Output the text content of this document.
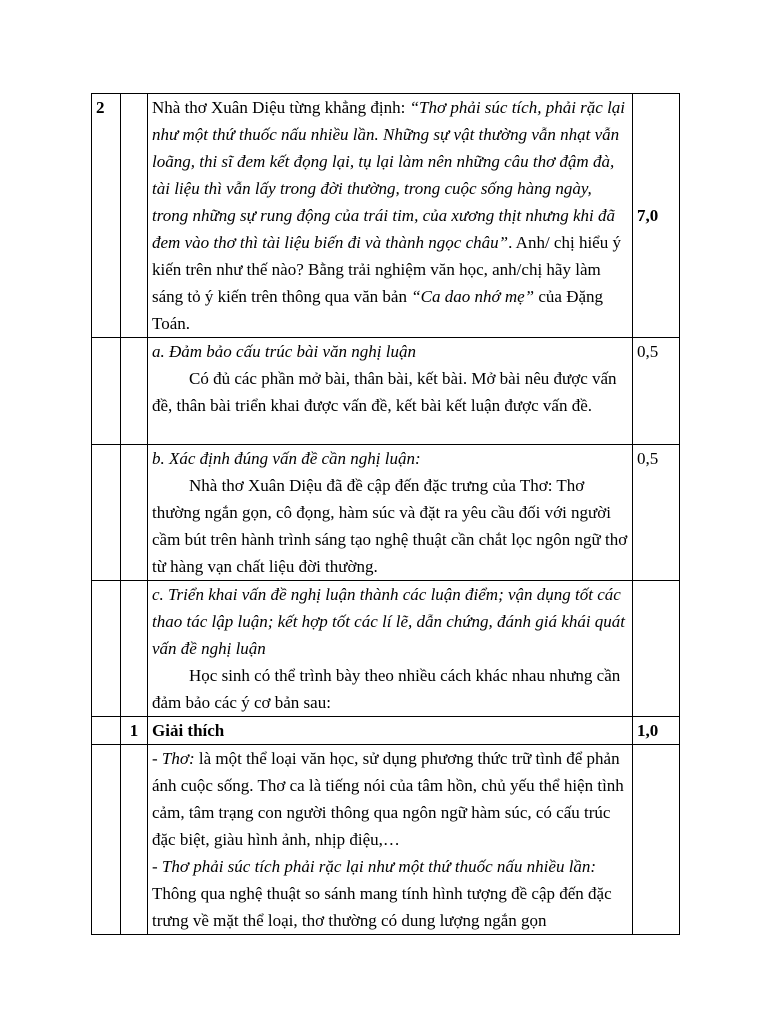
2		Nhà thơ Xuân Diệu từng khẳng định: “Thơ phải súc tích, phải rặc lại như một thứ thuốc nấu nhiều lần. Những sự vật thường vẫn nhạt vẫn loãng, thi sĩ đem kết đọng lại, tụ lại làm nên những câu thơ đậm đà, tài liệu thì vẫn lấy trong đời thường, trong cuộc sống hàng ngày, trong những sự rung động của trái tim, của xương thịt nhưng khi đã đem vào thơ thì tài liệu biến đi và thành ngọc châu”. Anh/ chị hiểu ý kiến trên như thế nào? Bằng trải nghiệm văn học, anh/chị hãy làm sáng tỏ ý kiến trên thông qua văn bản “Ca dao nhớ mẹ” của Đặng Toán.	7,0

		a. Đảm bảo cấu trúc bài văn nghị luận

Có đủ các phần mở bài, thân bài, kết bài. Mở bài nêu được vấn đề, thân bài triển khai được vấn đề, kết bài kết luận được vấn đề.	0,5

		b. Xác định đúng vấn đề cần nghị luận:

Nhà thơ Xuân Diệu đã đề cập đến đặc trưng của Thơ: Thơ thường ngắn gọn, cô đọng, hàm súc và đặt ra yêu cầu đối với người cầm bút trên hành trình sáng tạo nghệ thuật cần chắt lọc ngôn ngữ thơ từ hàng vạn chất liệu đời thường.	0,5

		c. Triển khai vấn đề nghị luận thành các luận điểm; vận dụng tốt các thao tác lập luận; kết hợp tốt các lí lẽ, dẫn chứng, đánh giá khái quát vấn đề nghị luận

Học sinh có thể trình bày theo nhiều cách khác nhau nhưng cần đảm bảo các ý cơ bản sau:	

	1	Giải thích	1,0

		- Thơ: là một thể loại văn học, sử dụng phương thức trữ tình để phản ánh cuộc sống. Thơ ca là tiếng nói của tâm hồn, chủ yếu thể hiện tình cảm, tâm trạng con người thông qua ngôn ngữ hàm súc, có cấu trúc đặc biệt, giàu hình ảnh, nhịp điệu,…

- Thơ phải súc tích phải rặc lại như một thứ thuốc nấu nhiều lần:

Thông qua nghệ thuật so sánh mang tính hình tượng đề cập đến đặc trưng về mặt thể loại, thơ thường có dung lượng ngắn gọn	
